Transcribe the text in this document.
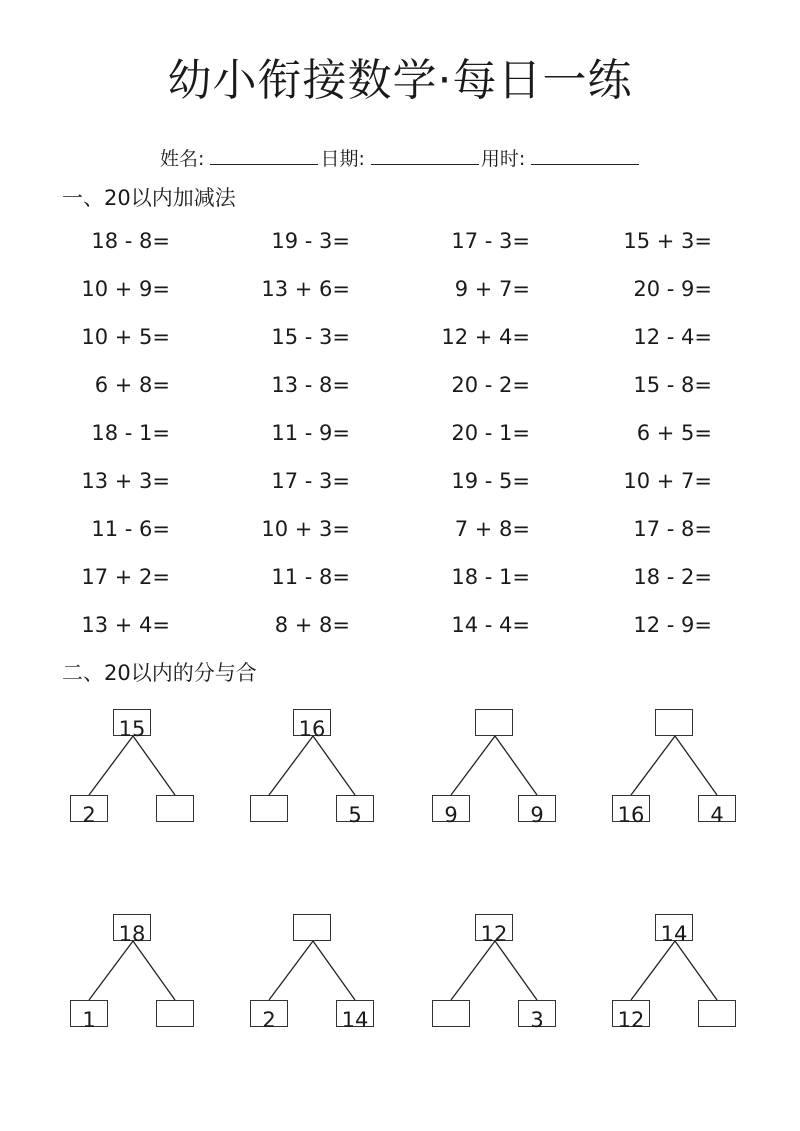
幼小衔接数学·每日一练
姓名:	日期:	用时:
一、20以内加减法
18 - 8=	19 - 3=	17 - 3=	15 + 3=
10 + 9=	13 + 6=	9 + 7=	20 - 9=
10 + 5=	15 - 3=	12 + 4=	12 - 4=
6 + 8=	13 - 8=	20 - 2=	15 - 8=
18 - 1=	11 - 9=	20 - 1=	6 + 5=
13 + 3=	17 - 3=	19 - 5=	10 + 7=
11 - 6=	10 + 3=	7 + 8=	17 - 8=
17 + 2=	11 - 8=	18 - 1=	18 - 2=
13 + 4=	8 + 8=	14 - 4=	12 - 9=
二、20以内的分与合
15
2
16
5	9	9	16	4
18
1	2	14
12
3
14
12
